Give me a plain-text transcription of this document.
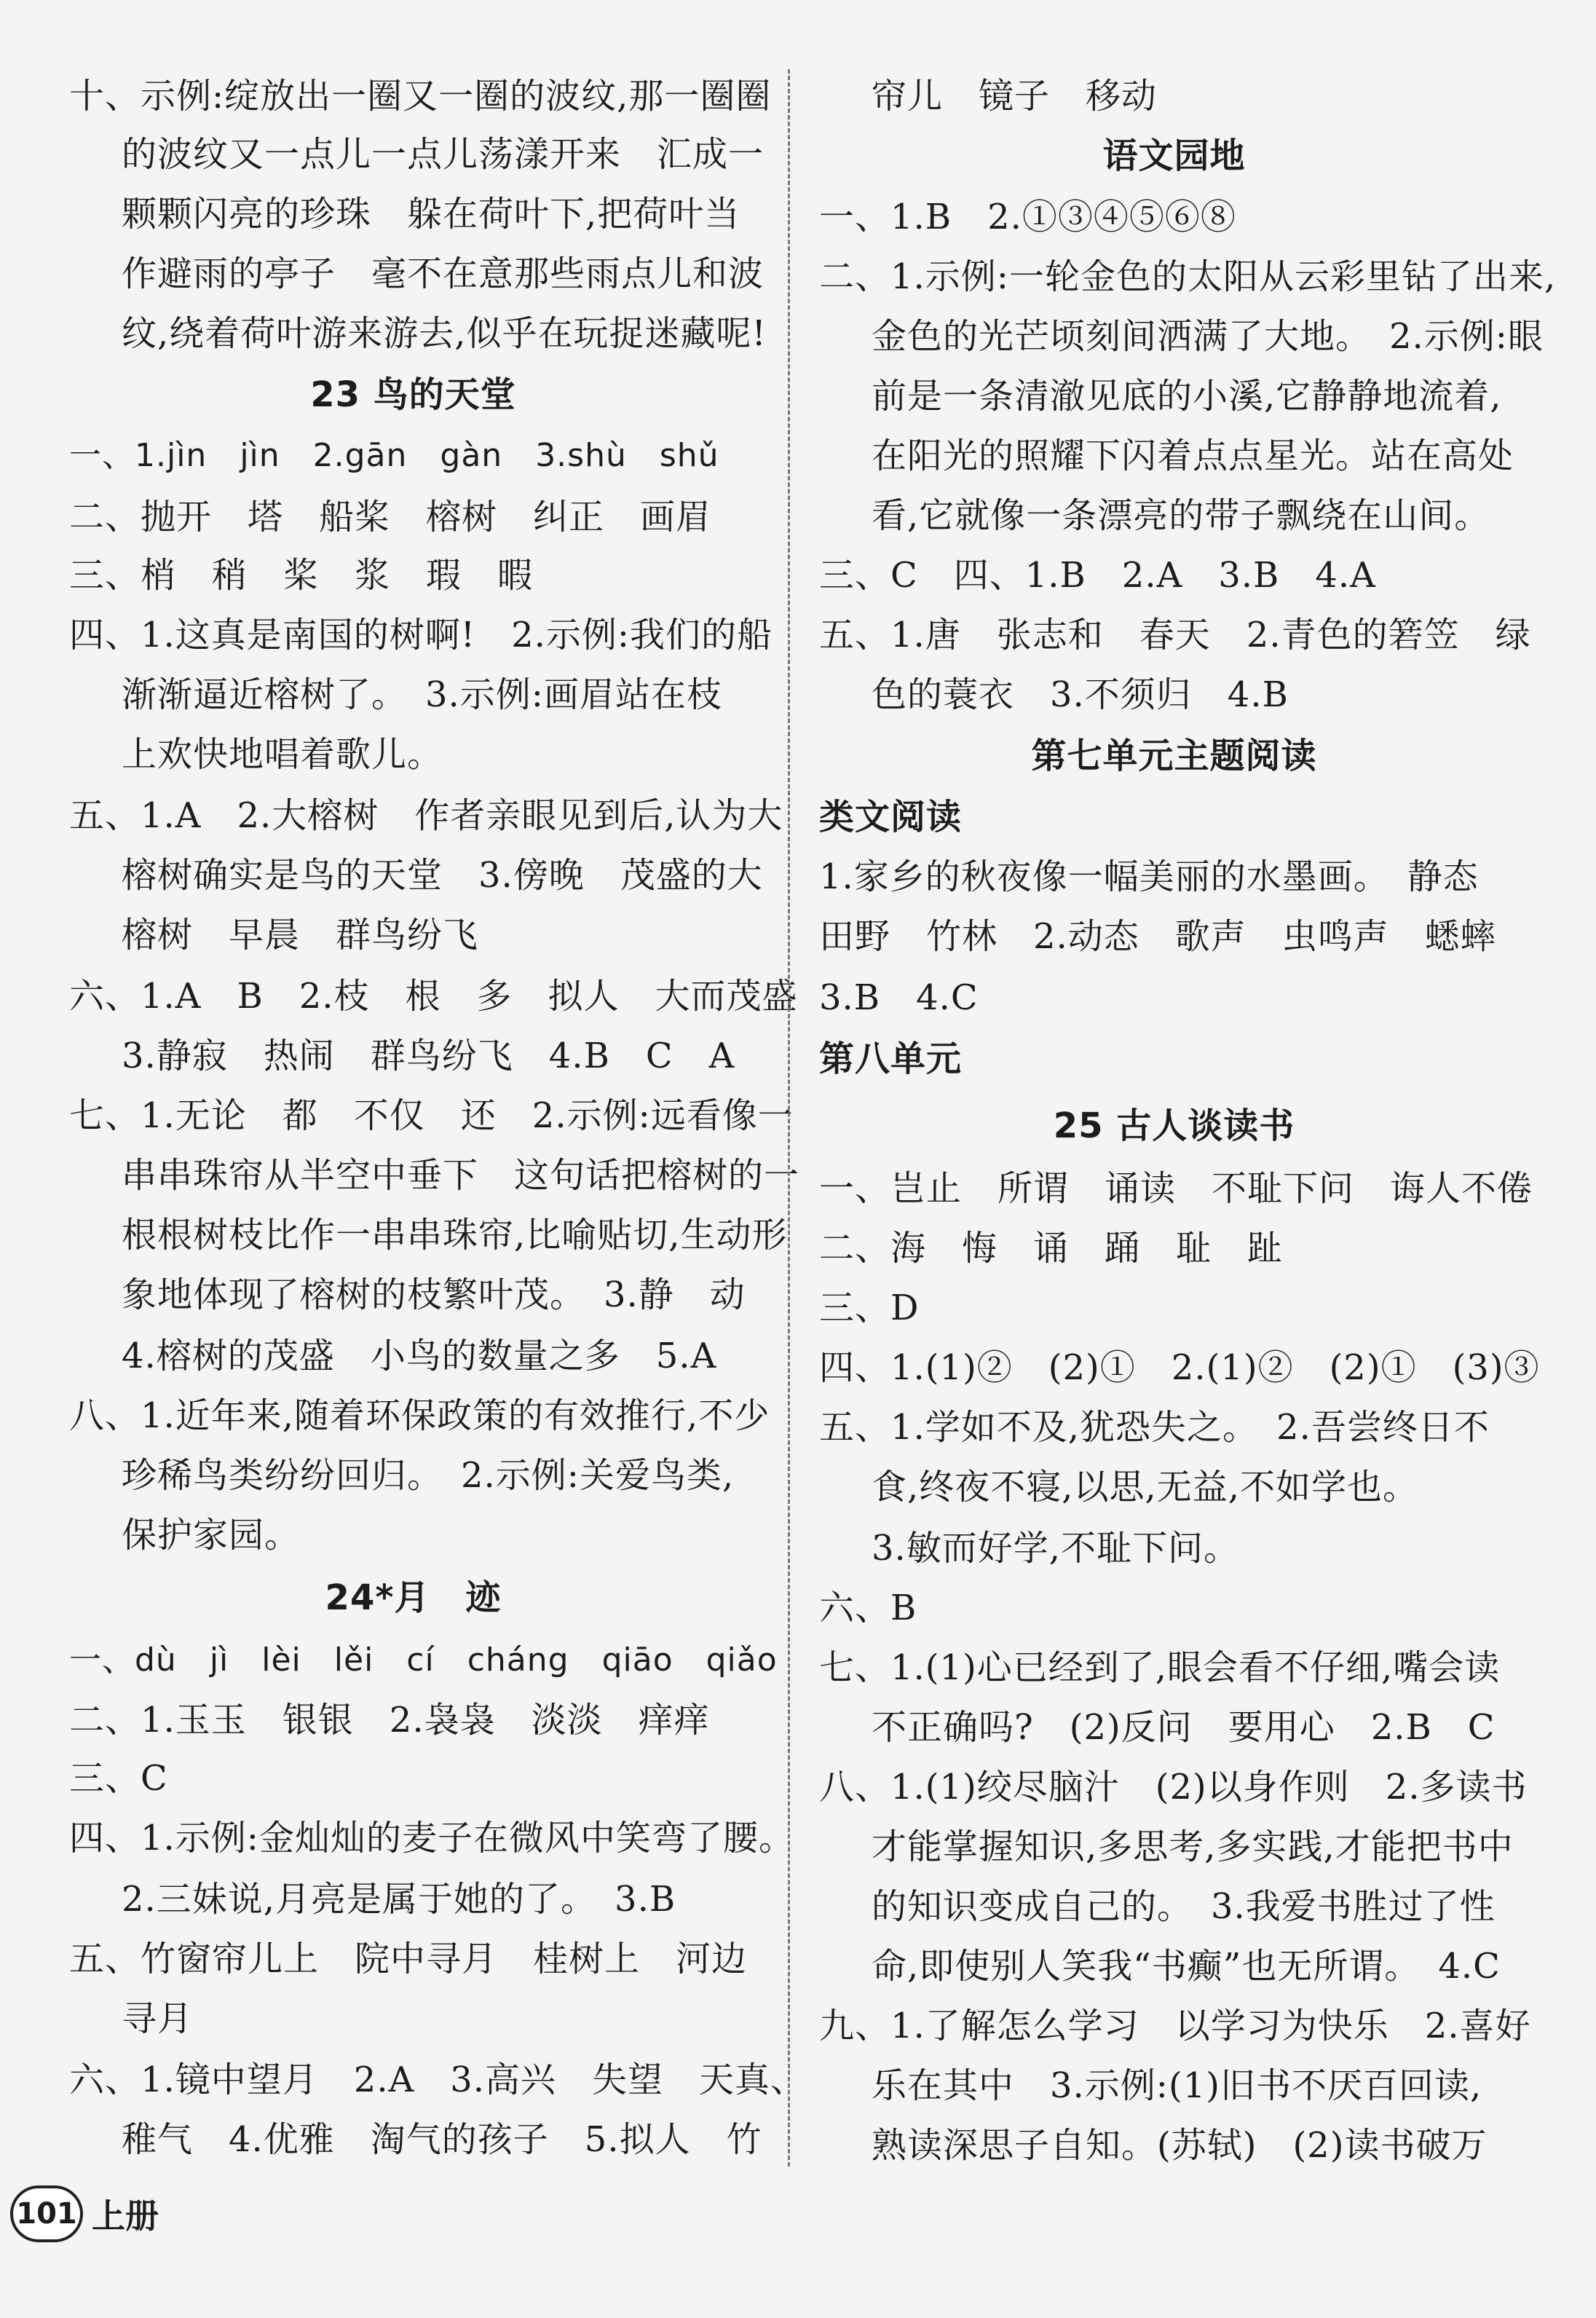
十、示例:绽放出一圈又一圈的波纹,那一圈圈
的波纹又一点儿一点儿荡漾开来　汇成一
颗颗闪亮的珍珠　躲在荷叶下,把荷叶当
作避雨的亭子　毫不在意那些雨点儿和波
纹,绕着荷叶游来游去,似乎在玩捉迷藏呢!
23 鸟的天堂
一、1.jìn　jìn　2.gān　gàn　3.shù　shǔ
二、抛开　塔　船桨　榕树　纠正　画眉
三、梢　稍　桨　浆　瑕　暇
四、1.这真是南国的树啊!　2.示例:我们的船
渐渐逼近榕树了。　3.示例:画眉站在枝
上欢快地唱着歌儿。
五、1.A　2.大榕树　作者亲眼见到后,认为大
榕树确实是鸟的天堂　3.傍晚　茂盛的大
榕树　早晨　群鸟纷飞
六、1.A　B　2.枝　根　多　拟人　大而茂盛
3.静寂　热闹　群鸟纷飞　4.B　C　A
七、1.无论　都　不仅　还　2.示例:远看像一
串串珠帘从半空中垂下　这句话把榕树的一
根根树枝比作一串串珠帘,比喻贴切,生动形
象地体现了榕树的枝繁叶茂。　3.静　动
4.榕树的茂盛　小鸟的数量之多　5.A
八、1.近年来,随着环保政策的有效推行,不少
珍稀鸟类纷纷回归。　2.示例:关爱鸟类,
保护家园。
24*月　迹
一、dù　jì　lèi　lěi　cí　cháng　qiāo　qiǎo
二、1.玉玉　银银　2.袅袅　淡淡　痒痒
三、C
四、1.示例:金灿灿的麦子在微风中笑弯了腰。
2.三妹说,月亮是属于她的了。　3.B
五、竹窗帘儿上　院中寻月　桂树上　河边
寻月
六、1.镜中望月　2.A　3.高兴　失望　天真、
稚气　4.优雅　淘气的孩子　5.拟人　竹
帘儿　镜子　移动
语文园地
一、1.B　2.①③④⑤⑥⑧
二、1.示例:一轮金色的太阳从云彩里钻了出来,
金色的光芒顷刻间洒满了大地。　2.示例:眼
前是一条清澈见底的小溪,它静静地流着,
在阳光的照耀下闪着点点星光。站在高处
看,它就像一条漂亮的带子飘绕在山间。
三、C　四、1.B　2.A　3.B　4.A
五、1.唐　张志和　春天　2.青色的箬笠　绿
色的蓑衣　3.不须归　4.B
第七单元主题阅读
类文阅读
1.家乡的秋夜像一幅美丽的水墨画。　静态
田野　竹林　2.动态　歌声　虫鸣声　蟋蟀
3.B　4.C
第八单元
25 古人谈读书
一、岂止　所谓　诵读　不耻下问　诲人不倦
二、海　悔　诵　踊　耻　趾
三、D
四、1.(1)②　(2)①　2.(1)②　(2)①　(3)③
五、1.学如不及,犹恐失之。　2.吾尝终日不
食,终夜不寝,以思,无益,不如学也。
3.敏而好学,不耻下问。
六、B
七、1.(1)心已经到了,眼会看不仔细,嘴会读
不正确吗?　(2)反问　要用心　2.B　C
八、1.(1)绞尽脑汁　(2)以身作则　2.多读书
才能掌握知识,多思考,多实践,才能把书中
的知识变成自己的。　3.我爱书胜过了性
命,即使别人笑我“书癫”也无所谓。　4.C
九、1.了解怎么学习　以学习为快乐　2.喜好
乐在其中　3.示例:(1)旧书不厌百回读,
熟读深思子自知。(苏轼)　(2)读书破万
101 上册
